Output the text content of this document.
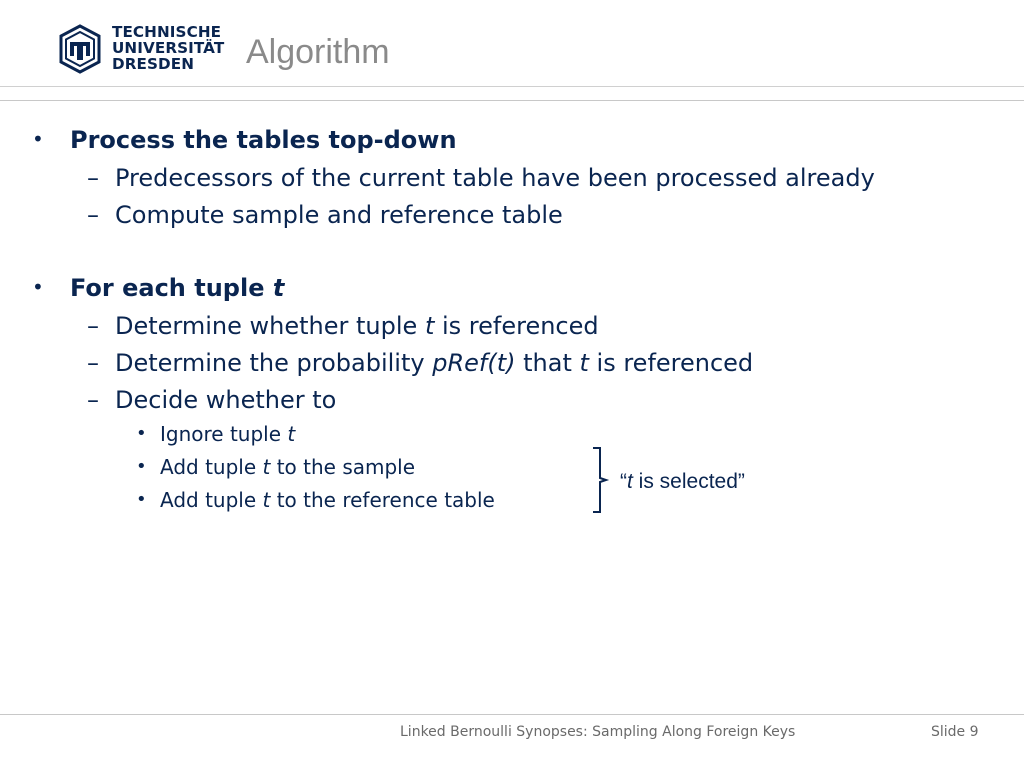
TECHNISCHE
UNIVERSITÄT
DRESDEN	Algorithm
• Process the tables top-down
– Predecessors of the current table have been processed already
– Compute sample and reference table
• For each tuple t
– Determine whether tuple t is referenced
– Determine the probability pRef(t) that t is referenced
– Decide whether to
• Ignore tuple t
• Add tuple t to the sample
• Add tuple t to the reference table
“t is selected”
Linked Bernoulli Synopses: Sampling Along Foreign Keys	Slide 9
